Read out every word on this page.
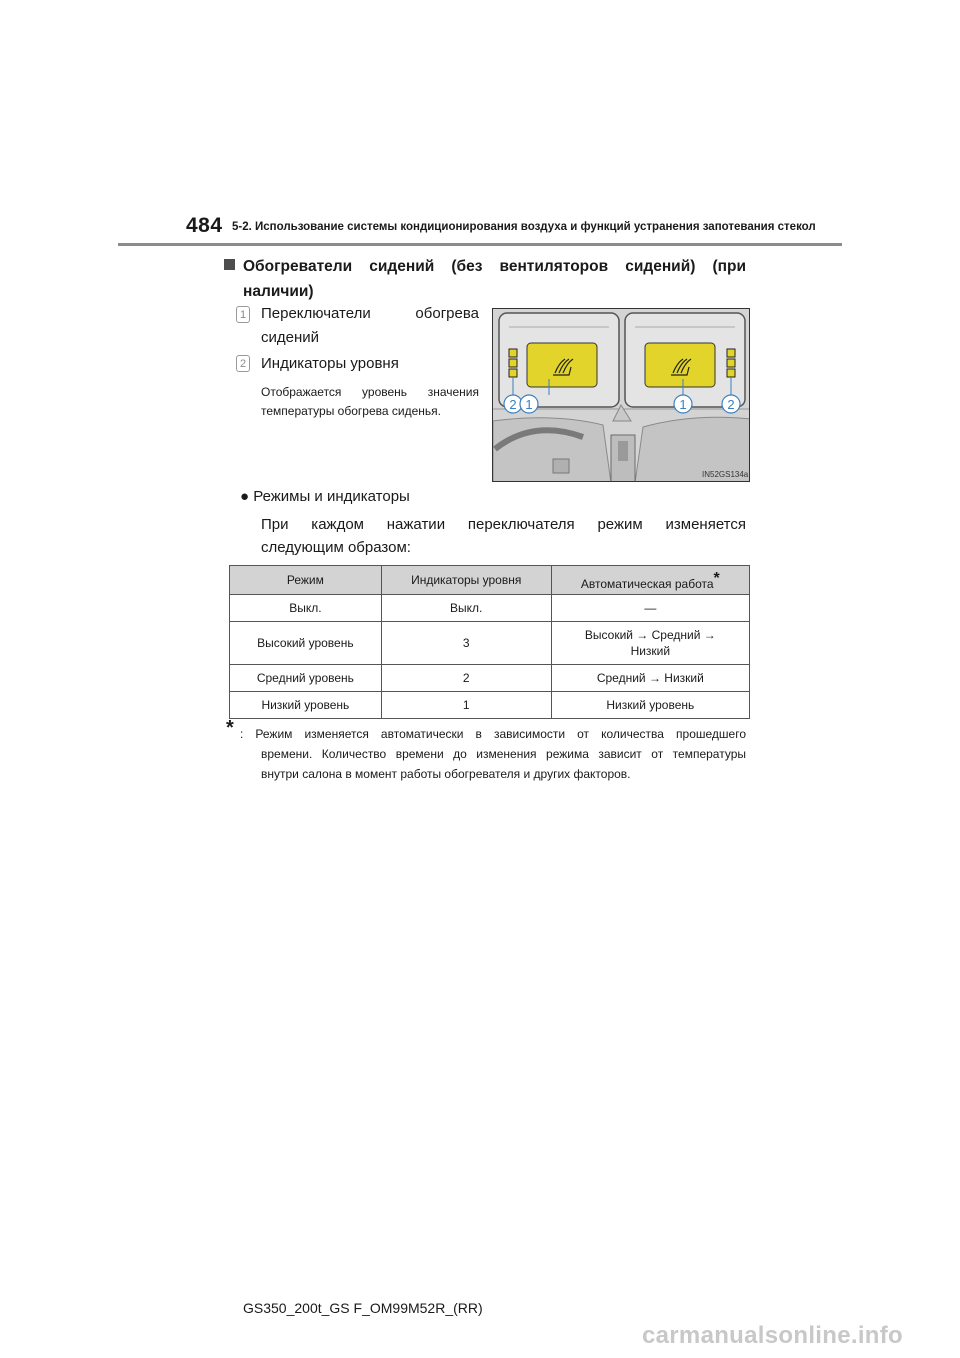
484 5-2. Использование системы кондиционирования воздуха и функций устранения запотевания стекол
Обогреватели сидений (без вентиляторов сидений) (при
наличии)
1 Переключатели обогрева
сидений
2 Индикаторы уровня
Отображается уровень значения
температуры обогрева сиденья.	2 1	1	2
IN52GS134a
● Режимы и индикаторы
При каждом нажатии переключателя режим изменяется
следующим образом:
Режим	Индикаторы уровня	Автоматическая работа*
Выкл.	Выкл.	—
Высокий уровень	3	Высокий → Средний →
Низкий

Средний уровень	2	Средний → Низкий
Низкий уровень	1	Низкий уровень
* : Режим изменяется автоматически в зависимости от количества прошедшего
времени. Количество времени до изменения режима зависит от температуры
внутри салона в момент работы обогревателя и других факторов.
GS350_200t_GS F_OM99M52R_(RR)
carmanualsonline.info
